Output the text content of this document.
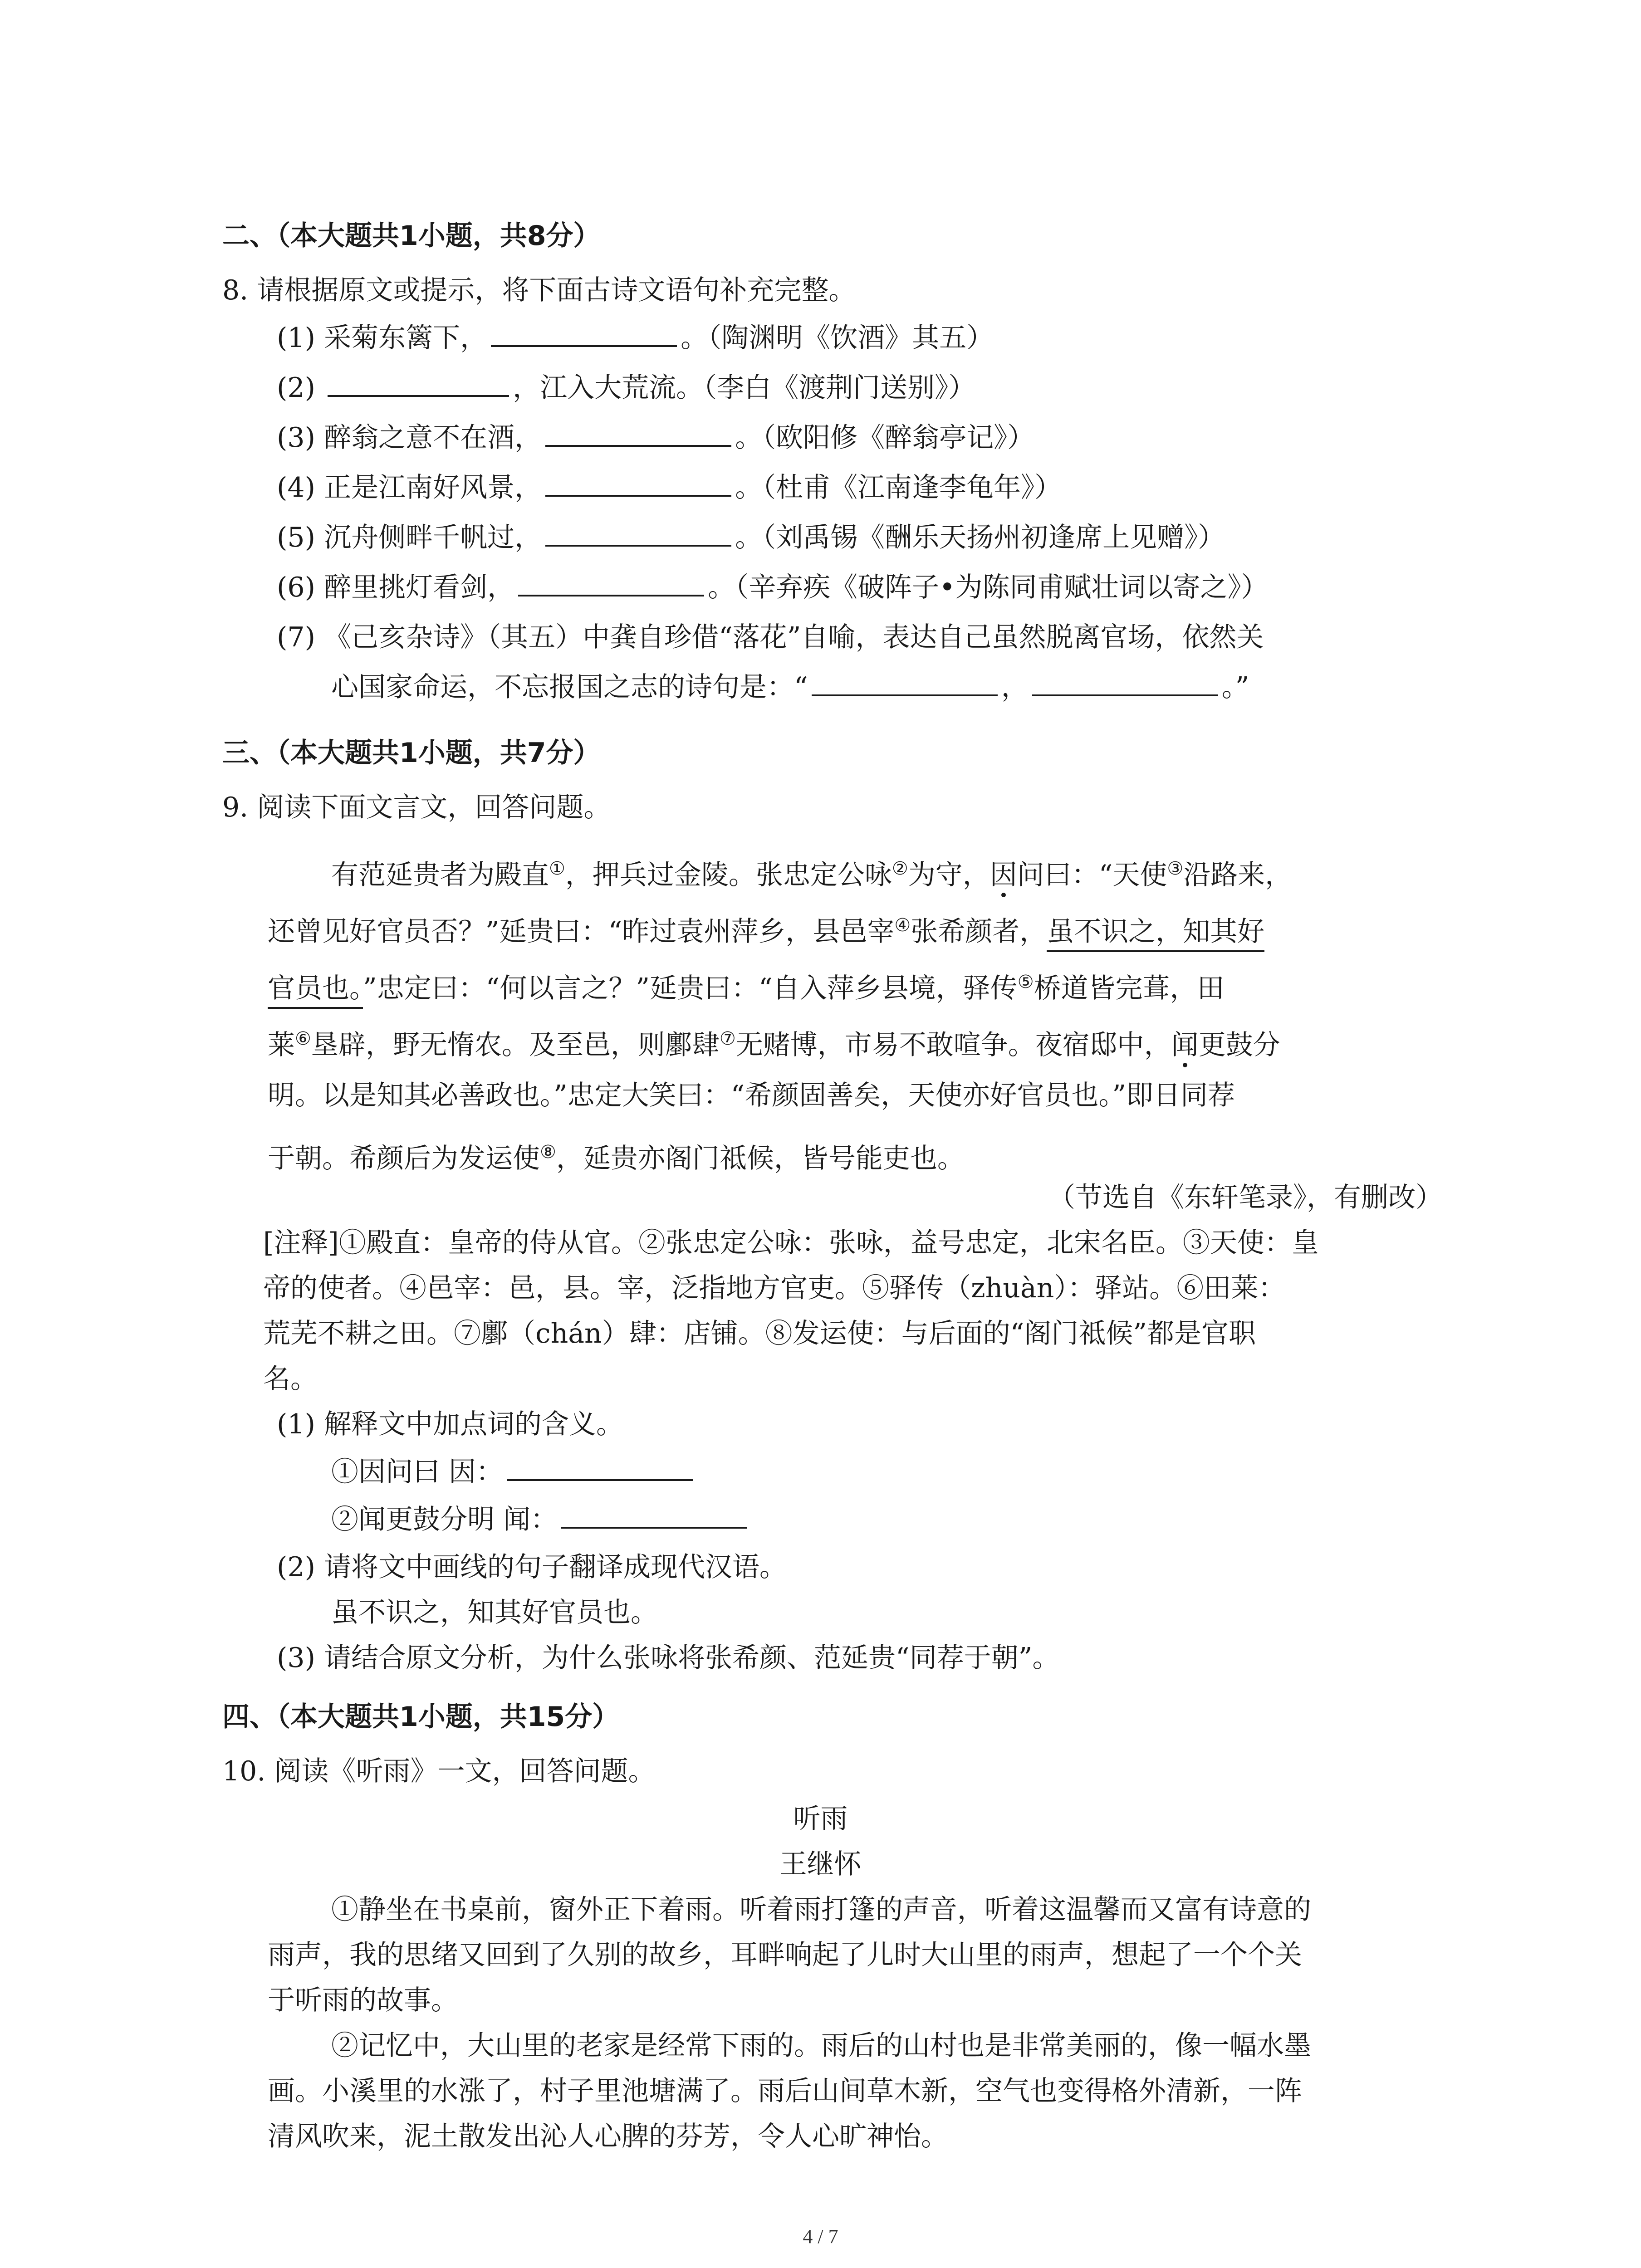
二、（本大题共1小题，共8分）
8. 请根据原文或提示，将下面古诗文语句补充完整。
(1) 采菊东篱下，	。（陶渊明《饮酒》其五）
(2)	，江入大荒流。（李白《渡荆门送别》）
(3) 醉翁之意不在酒，	。（欧阳修《醉翁亭记》）
(4) 正是江南好风景，	。（杜甫《江南逢李龟年》）
(5) 沉舟侧畔千帆过，	。（刘禹锡《酬乐天扬州初逢席上见赠》）
(6) 醉里挑灯看剑，	。（辛弃疾《破阵子•为陈同甫赋壮词以寄之》）
(7) 《己亥杂诗》（其五）中龚自珍借“落花”自喻，表达自己虽然脱离官场，依然关
心国家命运，不忘报国之志的诗句是：“	，	。”
三、（本大题共1小题，共7分）
9. 阅读下面文言文，回答问题。
有范延贵者为殿直①，押兵过金陵。张忠定公咏②为守，因问曰：“天使③沿路来，
还曾见好官员否？”延贵曰：“昨过袁州萍乡，县邑宰④张希颜者，虽不识之，知其好
官员也。”忠定曰：“何以言之？”延贵曰：“自入萍乡县境，驿传⑤桥道皆完葺，田
莱⑥垦辟，野无惰农。及至邑，则鄽肆⑦无赌博，市易不敢喧争。夜宿邸中，闻更鼓分
明。以是知其必善政也。”忠定大笑曰：“希颜固善矣，天使亦好官员也。”即日同荐
于朝。希颜后为发运使⑧，延贵亦阁门祗候，皆号能吏也。
（节选自《东轩笔录》，有删改）
[注释]①殿直：皇帝的侍从官。②张忠定公咏：张咏，益号忠定，北宋名臣。③天使：皇
帝的使者。④邑宰：邑，县。宰，泛指地方官吏。⑤驿传（zhuàn）：驿站。⑥田莱：
荒芜不耕之田。⑦鄽（chán）肆：店铺。⑧发运使：与后面的“阁门祗候”都是官职
名。
(1) 解释文中加点词的含义。
①因问曰 因：
②闻更鼓分明 闻：
(2) 请将文中画线的句子翻译成现代汉语。
虽不识之，知其好官员也。
(3) 请结合原文分析，为什么张咏将张希颜、范延贵“同荐于朝”。
四、（本大题共1小题，共15分）
10. 阅读《听雨》一文，回答问题。
听雨
王继怀
①静坐在书桌前，窗外正下着雨。听着雨打篷的声音，听着这温馨而又富有诗意的
雨声，我的思绪又回到了久别的故乡，耳畔响起了儿时大山里的雨声，想起了一个个关
于听雨的故事。
②记忆中，大山里的老家是经常下雨的。雨后的山村也是非常美丽的，像一幅水墨
画。小溪里的水涨了，村子里池塘满了。雨后山间草木新，空气也变得格外清新，一阵
清风吹来，泥土散发出沁人心脾的芬芳，令人心旷神怡。
4 / 7
